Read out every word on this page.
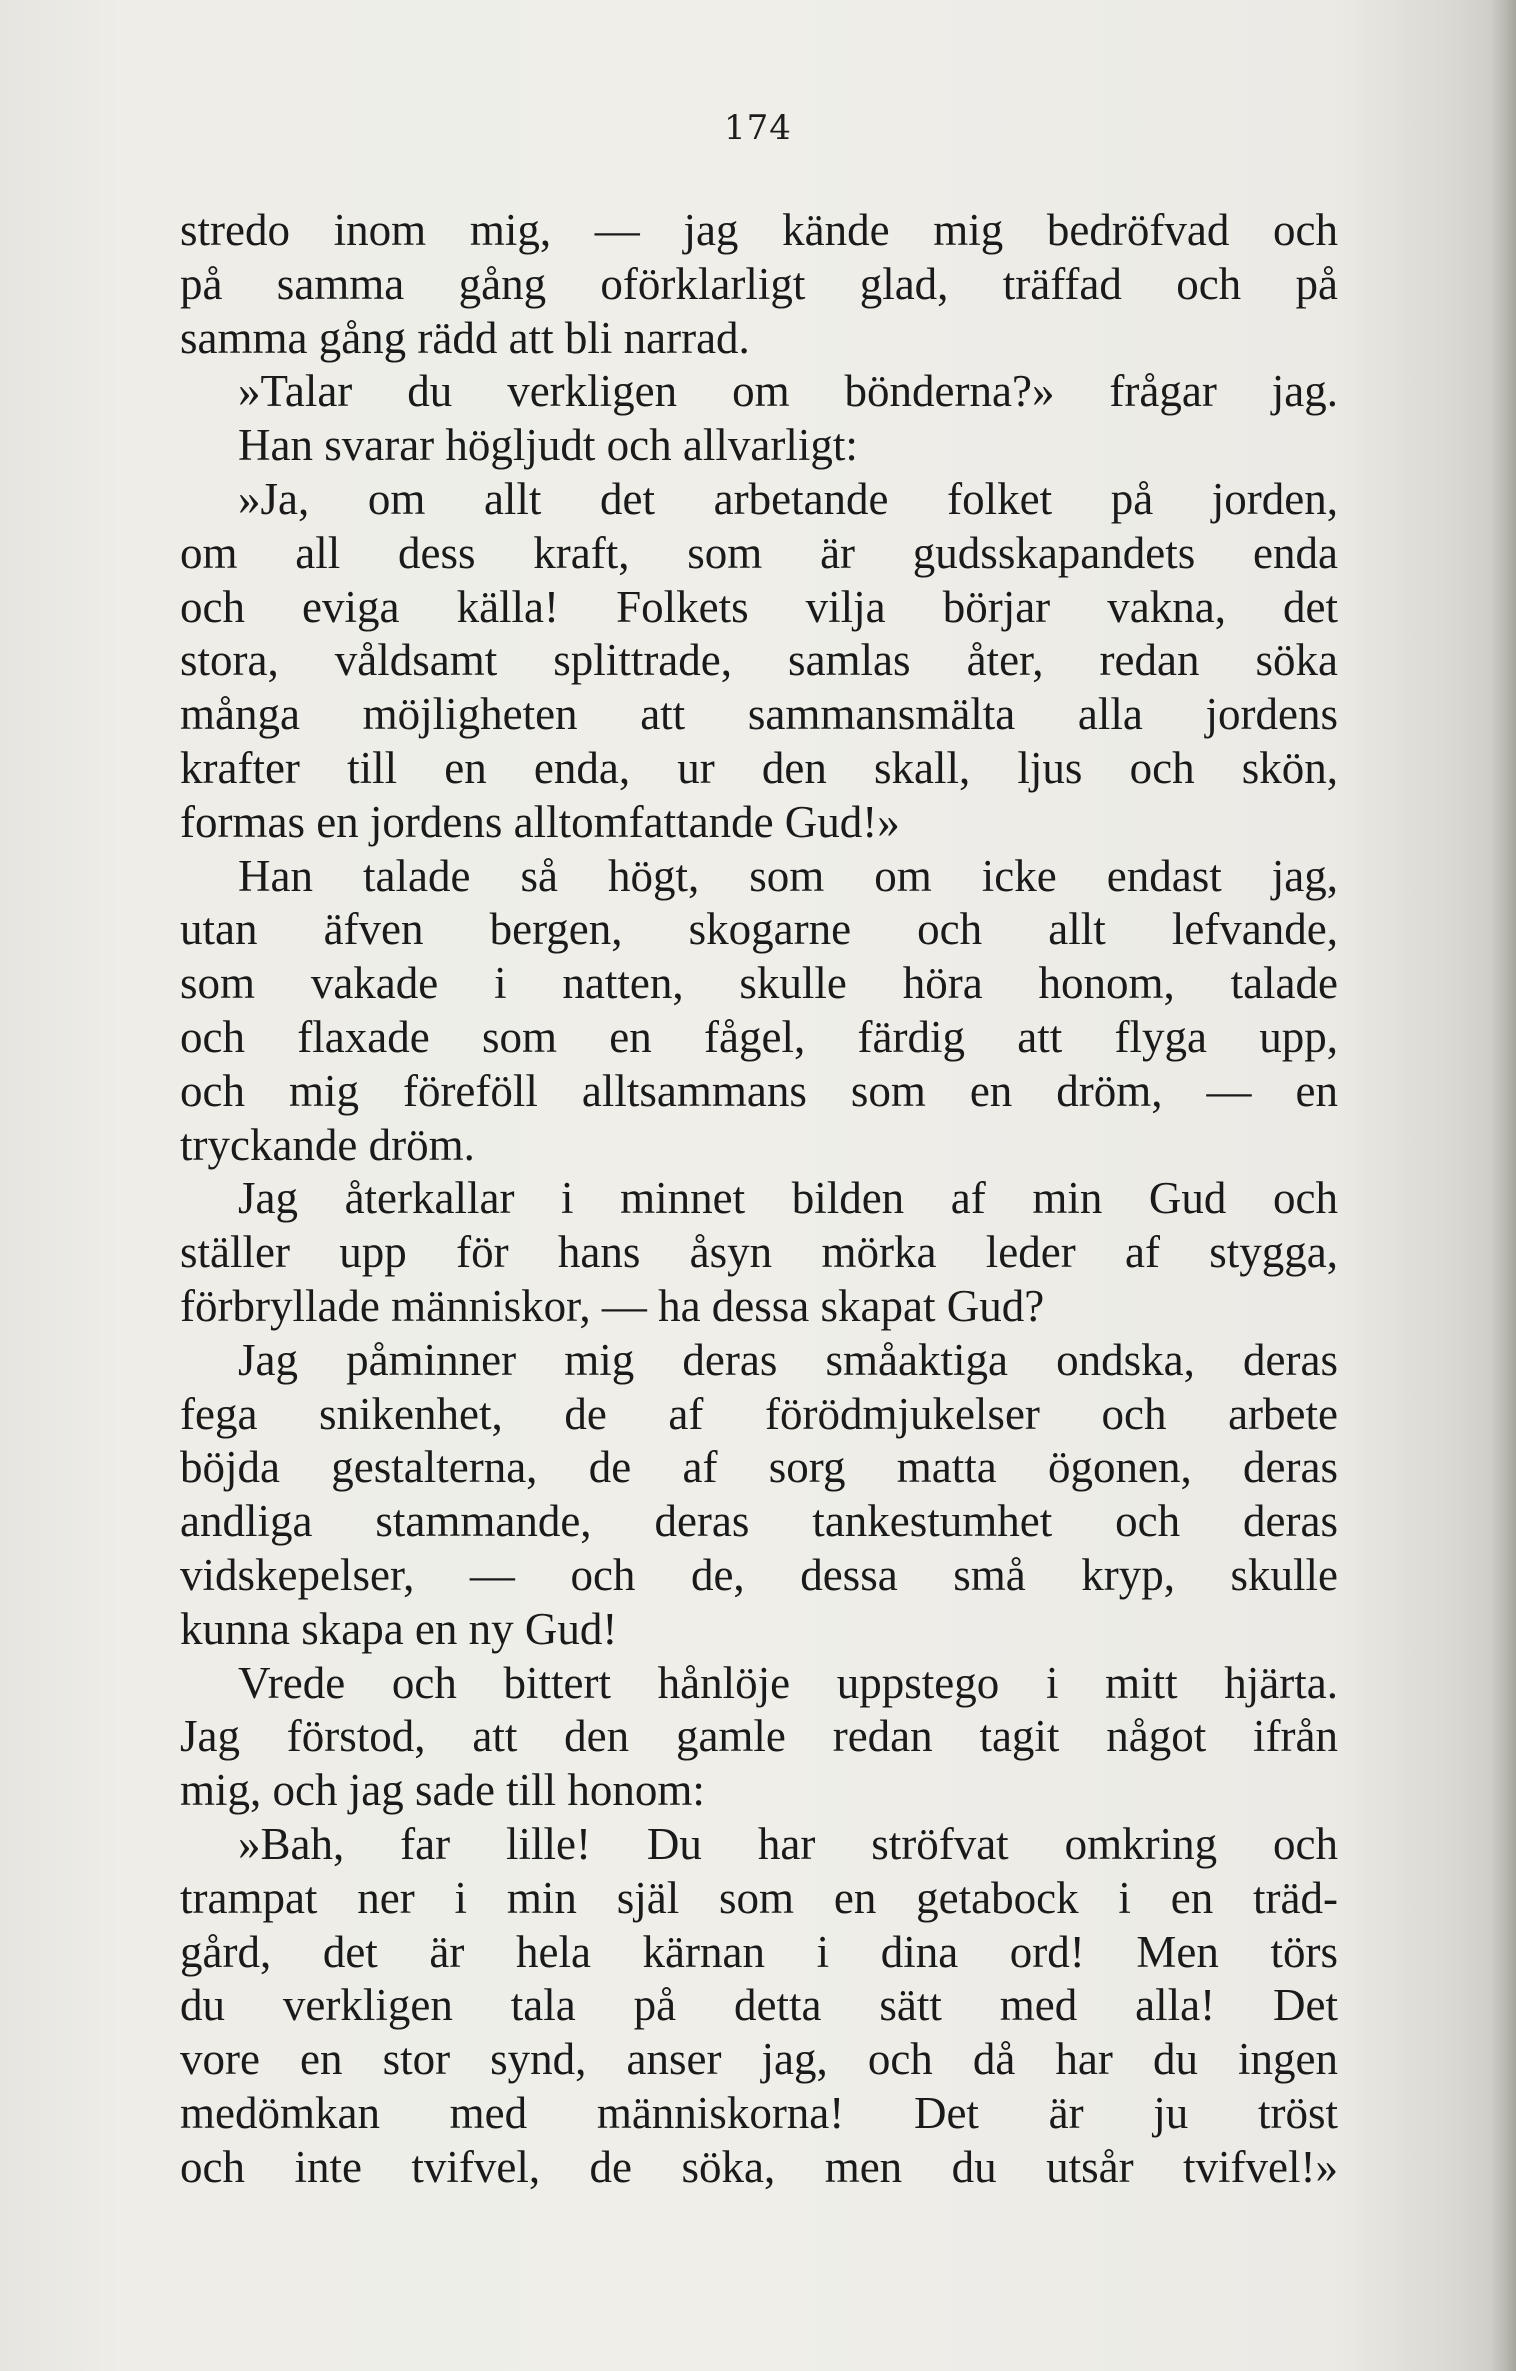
174
stredo inom mig, — jag kände mig bedröfvad och
på samma gång oförklarligt glad, träffad och på
samma gång rädd att bli narrad.
»Talar du verkligen om bönderna?» frågar jag.
Han svarar högljudt och allvarligt:
»Ja, om allt det arbetande folket på jorden,
om all dess kraft, som är gudsskapandets enda
och eviga källa! Folkets vilja börjar vakna, det
stora, våldsamt splittrade, samlas åter, redan söka
många möjligheten att sammansmälta alla jordens
krafter till en enda, ur den skall, ljus och skön,
formas en jordens alltomfattande Gud!»
Han talade så högt, som om icke endast jag,
utan äfven bergen, skogarne och allt lefvande,
som vakade i natten, skulle höra honom, talade
och flaxade som en fågel, färdig att flyga upp,
och mig föreföll alltsammans som en dröm, — en
tryckande dröm.
Jag återkallar i minnet bilden af min Gud och
ställer upp för hans åsyn mörka leder af stygga,
förbryllade människor, — ha dessa skapat Gud?
Jag påminner mig deras småaktiga ondska, deras
fega snikenhet, de af förödmjukelser och arbete
böjda gestalterna, de af sorg matta ögonen, deras
andliga stammande, deras tankestumhet och deras
vidskepelser, — och de, dessa små kryp, skulle
kunna skapa en ny Gud!
Vrede och bittert hånlöje uppstego i mitt hjärta.
Jag förstod, att den gamle redan tagit något ifrån
mig, och jag sade till honom:
»Bah, far lille! Du har ströfvat omkring och
trampat ner i min själ som en getabock i en träd-
gård, det är hela kärnan i dina ord! Men törs
du verkligen tala på detta sätt med alla! Det
vore en stor synd, anser jag, och då har du ingen
medömkan med människorna! Det är ju tröst
och inte tvifvel, de söka, men du utsår tvifvel!»
